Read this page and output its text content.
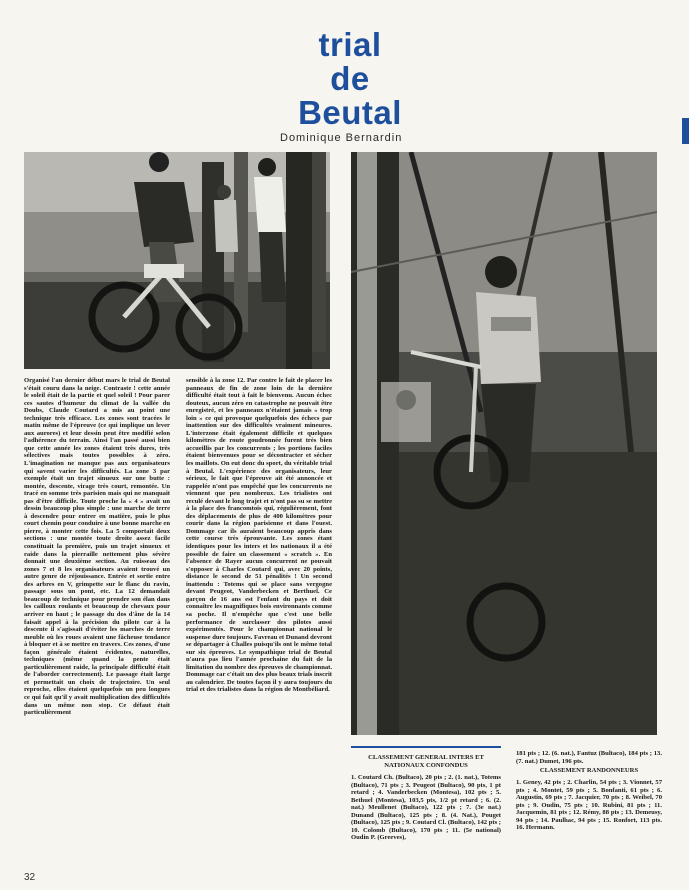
trial
de
Beutal
Dominique Bernardin

Organisé l'an dernier début mars le trial de Beutal s'était couru dans la neige. Contraste ! cette année le soleil était de la partie et quel soleil ! Pour parer ces sautes d'humeur du climat de la vallée du Doubs, Claude Coutard a mis au point une technique très efficace. Les zones sont tracées le matin même de l'épreuve (ce qui implique un lever aux aurores) et leur dessin peut être modifié selon l'adhérence du terrain. Ainsi l'an passé aussi bien que cette année les zones étaient très dures, très sélectives mais toutes possibles à zéro. L'imagination ne manque pas aux organisateurs qui savent varier les difficultés. La zone 3 par exemple était un trajet sinueux sur une butte : montée, descente, virage très court, remontée. Un tracé en somme très parisien mais qui ne manquait pas d'être difficile. Toute proche la « 4 » avait un dessin beaucoup plus simple : une marche de terre à descendre pour entrer en matière, puis le plus court chemin pour conduire à une bonne marche en pierre, à monter cette fois. La 5 comportait deux sections : une montée toute droite assez facile constituait la première, puis un trajet sinueux et raide dans la pierraille nettement plus sévère donnait une deuxième section. Au ruisseau des zones 7 et 8 les organisateurs avaient trouvé un autre genre de réjouissance. Entrée et sortie entre des arbres en V, grimpette sur le flanc du ravin, passage sous un pont, etc. La 12 demandait beaucoup de technique pour prendre son élan dans les cailloux roulants et beaucoup de chevaux pour arriver en haut ; le passage du dos d'âne de la 14 faisait appel à la précision du pilote car à la descente il s'agissait d'éviter les marches de terre meuble où les roues avaient une fâcheuse tendance à bloquer et à se mettre en travers. Ces zones, d'une façon générale étaient évidentes, naturelles, techniques (même quand la pente était particulièrement raide, la principale difficulté était de l'aborder correctement). Le passage était large et permettait un choix de trajectoire. Un seul reproche, elles étaient quelquefois un peu longues ce qui fait qu'il y avait multiplication des difficultés dans un même non stop. Ce défaut était particulièrement

sensible à la zone 12. Par contre le fait de placer les panneaux de fin de zone loin de la dernière difficulté était tout à fait le bienvenu. Aucun échec douteux, aucun zéro en catastrophe ne pouvait être enregistré, et les panneaux n'étaient jamais « trop loin » ce qui provoque quelquefois des échecs par inattention sur des difficultés vraiment mineures. L'interzone était également difficile et quelques kilomètres de route goudronnée furent très bien accueillis par les concurrents ; les portions faciles étaient bienvenues pour se décontracter et sécher les maillots. On eut donc du sport, du véritable trial à Beutal. L'expérience des organisateurs, leur sérieux, le fait que l'épreuve ait été annoncée et rappelée n'ont pas empêché que les concurrents ne viennent que peu nombreux. Les trialistes ont reculé devant le long trajet et n'ont pas su se mettre à la place des francomtois qui, régulièrement, font des déplacements de plus de 400 kilomètres pour courir dans la région parisienne et dans l'ouest. Dommage car ils auraient beaucoup appris dans cette course très éprouvante. Les zones étant identiques pour les inters et les nationaux il a été possible de faire un classement « scratch ». En l'absence de Rayer aucun concurrent ne pouvait s'opposer à Charles Coutard qui, avec 20 points, distance le second de 51 pénalités ! Un second inattendu : Totems qui se place sans vergogne devant Peugeot, Vanderbecken et Berthuel. Ce garçon de 16 ans est l'enfant du pays et doit connaître les magnifiques bois environnants comme sa poche. Il n'empêche que c'est une belle performance de surclasser des pilotes aussi expérimentés. Pour le championnat national le suspense dure toujours. Favreau et Dunand devront se départager à Challes puisqu'ils ont le même total sur six épreuves. Le sympathique trial de Beutal n'aura pas lieu l'année prochaine du fait de la limitation du nombre des épreuves de championnat. Dommage car c'était un des plus beaux trials inscrit au calendrier. De toutes façon il y aura toujours du trial et des trialistes dans la région de Montbéliard.

CLASSEMENT GENERAL INTERS ET NATIONAUX CONFONDUS
1. Coutard Ch. (Bultaco), 20 pts ; 2. (1. nat.), Totems (Bultaco), 71 pts ; 3. Peugeot (Bultaco), 90 pts, 1 pt retard ; 4. Vanderbecken (Montesa), 102 pts ; 5. Bethuel (Montesa), 103,5 pts, 1/2 pt retard ; 6. (2. nat.) Meullenet (Bultaco), 122 pts ; 7. (3e nat.) Dunand (Bultaco), 125 pts ; 8. (4. Nat.), Pouget (Bultaco), 125 pts ; 9. Coutard Cl. (Bultaco), 142 pts ; 10. Colomb (Bultaco), 170 pts ; 11. (5e national) Oudin P. (Greeves),
181 pts ; 12. (6. nat.), Fantuz (Bultaco), 184 pts ; 13. (7. nat.) Dumet, 196 pts.
CLASSEMENT RANDONNEURS
1. Geney, 42 pts ; 2. Charlin, 54 pts ; 3. Vionnet, 57 pts ; 4. Montet, 59 pts ; 5. Bonfanti, 61 pts ; 6. Augustin, 69 pts ; 7. Jacquier, 70 pts ; 8. Weibel, 70 pts ; 9. Oudin, 75 pts ; 10. Rubini, 81 pts ; 11. Jacquemin, 81 pts ; 12. Rémy, 88 pts ; 13. Demeusy, 94 pts ; 14. Paulhac, 94 pts ; 15. Ronfort, 113 pts. 16. Hermann.
32
